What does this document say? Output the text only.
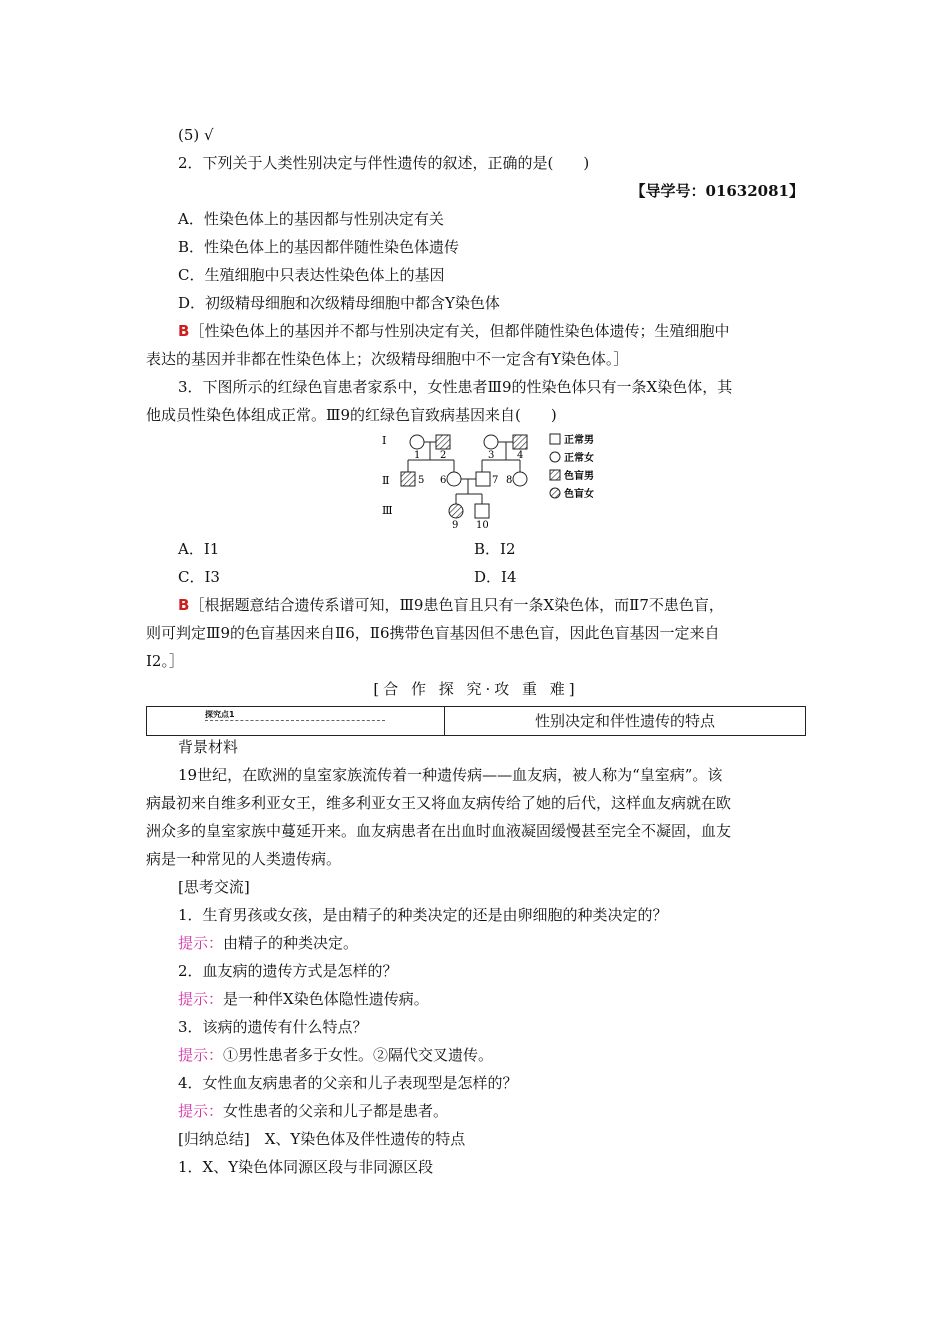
(5) √
2．下列关于人类性别决定与伴性遗传的叙述，正确的是(　　)
【导学号：01632081】
A．性染色体上的基因都与性别决定有关
B．性染色体上的基因都伴随性染色体遗传
C．生殖细胞中只表达性染色体上的基因
D．初级精母细胞和次级精母细胞中都含Y染色体
B［性染色体上的基因并不都与性别决定有关，但都伴随性染色体遗传；生殖细胞中
表达的基因并非都在性染色体上；次级精母细胞中不一定含有Y染色体。］
3．下图所示的红绿色盲患者家系中，女性患者Ⅲ9的性染色体只有一条X染色体，其
他成员性染色体组成正常。Ⅲ9的红绿色盲致病基因来自(　　)
Ⅰ
Ⅱ
Ⅲ
1 2	3 4
5 6	7 8
9 10
正常男
正常女
色盲男
色盲女
A．Ⅰ1	B．Ⅰ2
C．Ⅰ3	D．Ⅰ4
B［根据题意结合遗传系谱可知，Ⅲ9患色盲且只有一条X染色体，而Ⅱ7不患色盲，
则可判定Ⅲ9的色盲基因来自Ⅱ6，Ⅱ6携带色盲基因但不患色盲，因此色盲基因一定来自
Ⅰ2。］
[合 作 探 究·攻 重 难]
探究点1	性别决定和伴性遗传的特点
背景材料
19世纪，在欧洲的皇室家族流传着一种遗传病——血友病，被人称为“皇室病”。该
病最初来自维多利亚女王，维多利亚女王又将血友病传给了她的后代，这样血友病就在欧
洲众多的皇室家族中蔓延开来。血友病患者在出血时血液凝固缓慢甚至完全不凝固，血友
病是一种常见的人类遗传病。
[思考交流]
1．生育男孩或女孩，是由精子的种类决定的还是由卵细胞的种类决定的？
提示：由精子的种类决定。
2．血友病的遗传方式是怎样的？
提示：是一种伴X染色体隐性遗传病。
3．该病的遗传有什么特点？
提示：①男性患者多于女性。②隔代交叉遗传。
4．女性血友病患者的父亲和儿子表现型是怎样的？
提示：女性患者的父亲和儿子都是患者。
[归纳总结]　X、Y染色体及伴性遗传的特点
1．X、Y染色体同源区段与非同源区段
